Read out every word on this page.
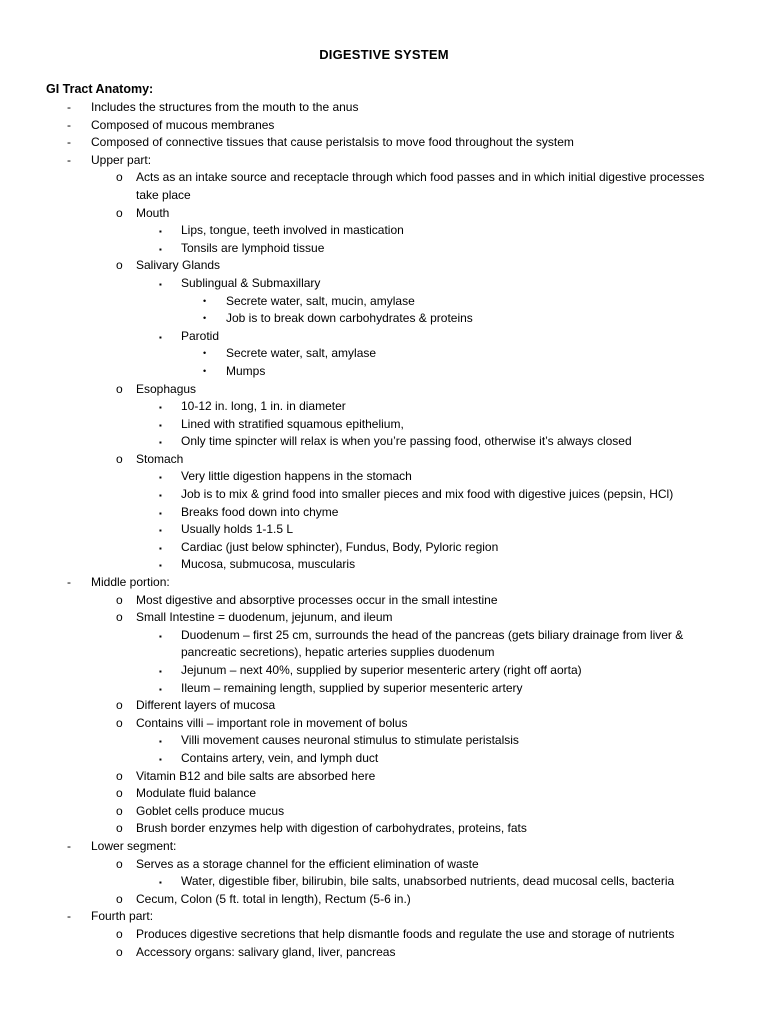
DIGESTIVE SYSTEM
GI Tract Anatomy:
- Includes the structures from the mouth to the anus
- Composed of mucous membranes
- Composed of connective tissues that cause peristalsis to move food throughout the system
- Upper part:
o Acts as an intake source and receptacle through which food passes and in which initial digestive processes take place
o Mouth
▪ Lips, tongue, teeth involved in mastication
▪ Tonsils are lymphoid tissue
o Salivary Glands
▪ Sublingual & Submaxillary
• Secrete water, salt, mucin, amylase
• Job is to break down carbohydrates & proteins
▪ Parotid
• Secrete water, salt, amylase
• Mumps
o Esophagus
▪ 10-12 in. long, 1 in. in diameter
▪ Lined with stratified squamous epithelium,
▪ Only time spincter will relax is when you’re passing food, otherwise it’s always closed
o Stomach
▪ Very little digestion happens in the stomach
▪ Job is to mix & grind food into smaller pieces and mix food with digestive juices (pepsin, HCl)
▪ Breaks food down into chyme
▪ Usually holds 1-1.5 L
▪ Cardiac (just below sphincter), Fundus, Body, Pyloric region
▪ Mucosa, submucosa, muscularis
- Middle portion:
o Most digestive and absorptive processes occur in the small intestine
o Small Intestine = duodenum, jejunum, and ileum
▪ Duodenum – first 25 cm, surrounds the head of the pancreas (gets biliary drainage from liver & pancreatic secretions), hepatic arteries supplies duodenum
▪ Jejunum – next 40%, supplied by superior mesenteric artery (right off aorta)
▪ Ileum – remaining length, supplied by superior mesenteric artery
o Different layers of mucosa
o Contains villi – important role in movement of bolus
▪ Villi movement causes neuronal stimulus to stimulate peristalsis
▪ Contains artery, vein, and lymph duct
o Vitamin B12 and bile salts are absorbed here
o Modulate fluid balance
o Goblet cells produce mucus
o Brush border enzymes help with digestion of carbohydrates, proteins, fats
- Lower segment:
o Serves as a storage channel for the efficient elimination of waste
▪ Water, digestible fiber, bilirubin, bile salts, unabsorbed nutrients, dead mucosal cells, bacteria
o Cecum, Colon (5 ft. total in length), Rectum (5-6 in.)
- Fourth part:
o Produces digestive secretions that help dismantle foods and regulate the use and storage of nutrients
o Accessory organs: salivary gland, liver, pancreas
